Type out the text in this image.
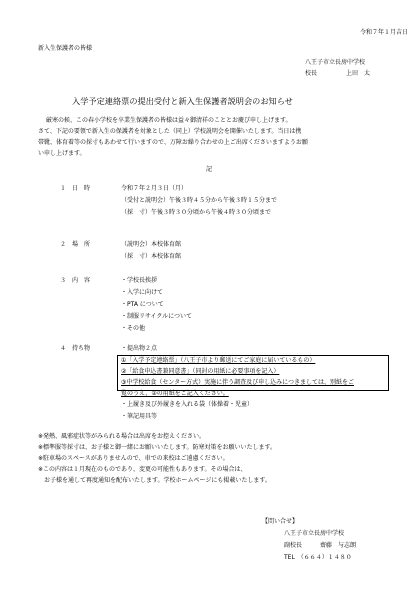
令和７年１月吉日
新入生保護者の皆様
八王子市立長房中学校
校長	上田　太
入学予定連絡票の提出受付と新入生保護者説明会のお知らせ
厳寒の候、この春小学校を卒業生保護者の皆様は益々御清祥のこととお慶び申し上げます。
さて、下記の要領で新入生の保護者を対象とした（同上）学校説明会を開催いたします。当日は携
帯靴、体育着等の採寸もあわせて行いますので、万障お繰り合わせの上ご出席くださいますようお願
い申し上げます。
記
１　日　時	令和７年２月３日（月）
（受付と説明会）午後３時４５分から午後３時１５分まで
（採　寸）午後３時３０分頃から午後４時３０分頃まで
２　場　所	（説明会）本校体育館
（採　寸）本校体育館
３　内　容	・学校長挨拶
・入学に向けて
・PTA について
・制服リサイクルについて
・その他
４　持ち物	・提出物２点
①「入学予定連絡票」（八王子市より郵送にてご家庭に届いているもの）
②「給食申込書兼同意書」（同封の用紙に必要事項を記入）
③中学校給食（センター方式）実施に伴う調査及び申し込みにつきましては、別紙をご
覧のうえ、②の用紙をご記入ください。
・上履き及び外履きを入れる袋（体操着・児童）
・筆記用具等
※発熱、風邪症状等がみられる場合は出席をお控えください。
※標準服等採寸は、お子様と御一緒にお願いいたします。防寒対策をお願いいたします。
※駐車場のスペースがありませんので、車での来校はご遠慮ください。
※この内容は１月現在のものであり、変更の可能性もあります。その場合は、
　お子様を通して再度通知を配布いたします。学校ホームページにも掲載いたします。
【問い合せ】
八王子市立長房中学校
副校長	齋藤　与志朗
TEL　（６６４）１４８０
